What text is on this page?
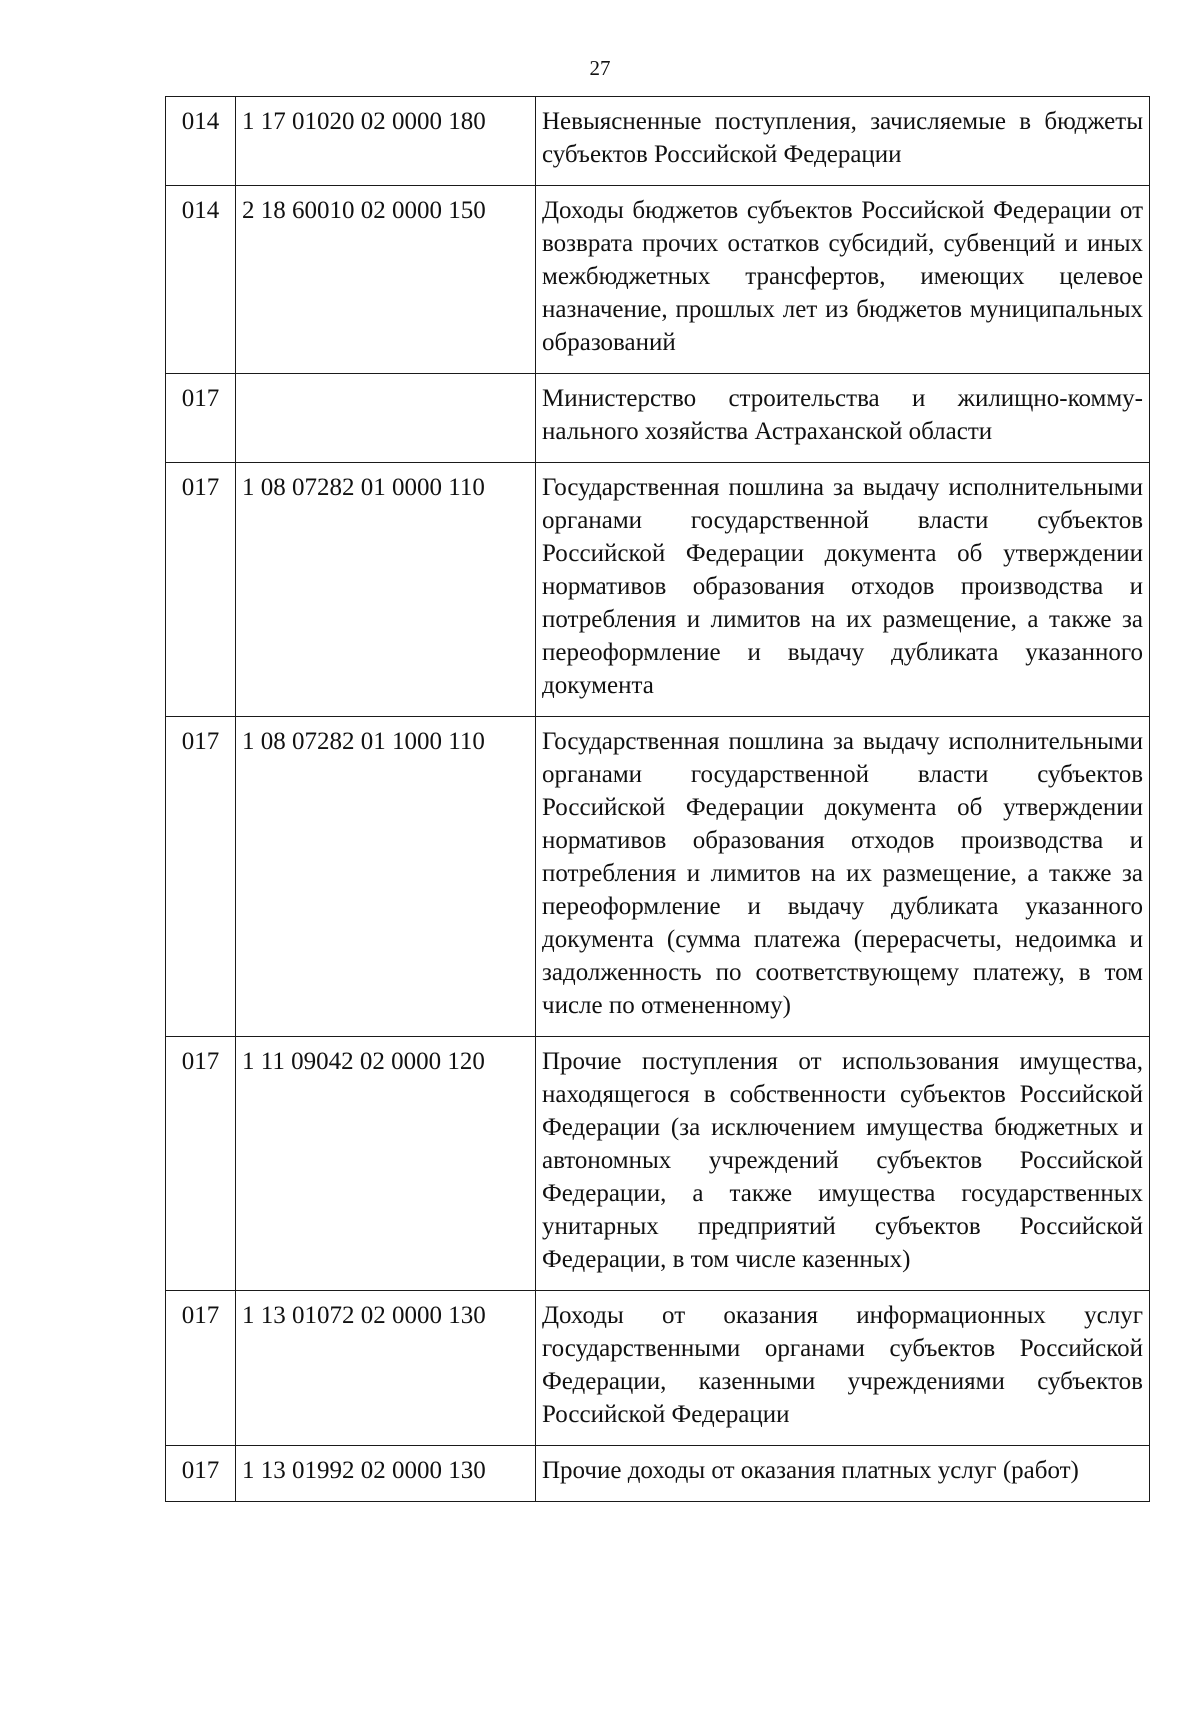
27
014	1 17 01020 02 0000 180	Невыясненные поступления, зачисляемые в бюджеты субъектов Российской Федерации
014	2 18 60010 02 0000 150	Доходы бюджетов субъектов Российской Федерации от возврата прочих остатков субсидий, субвенций и иных межбюджетных трансфертов, имеющих целевое назначение, прошлых лет из бюджетов муниципальных образований
017		Министерство строительства и жилищно-коммунального хозяйства Астраханской области
017	1 08 07282 01 0000 110	Государственная пошлина за выдачу исполнительными органами государственной власти субъектов Российской Федерации документа об утверждении нормативов образования отходов производства и потребления и лимитов на их размещение, а также за переоформление и выдачу дубликата указанного документа
017	1 08 07282 01 1000 110	Государственная пошлина за выдачу исполнительными органами государственной власти субъектов Российской Федерации документа об утверждении нормативов образования отходов производства и потребления и лимитов на их размещение, а также за переоформление и выдачу дубликата указанного документа (сумма платежа (перерасчеты, недоимка и задолженность по соответствующему платежу, в том числе по отмененному)
017	1 11 09042 02 0000 120	Прочие поступления от использования имущества, находящегося в собственности субъектов Российской Федерации (за исключением имущества бюджетных и автономных учреждений субъектов Российской Федерации, а также имущества государственных унитарных предприятий субъектов Российской Федерации, в том числе казенных)
017	1 13 01072 02 0000 130	Доходы от оказания информационных услуг государственными органами субъектов Российской Федерации, казенными учреждениями субъектов Российской Федерации
017	1 13 01992 02 0000 130	Прочие доходы от оказания платных услуг (работ)
